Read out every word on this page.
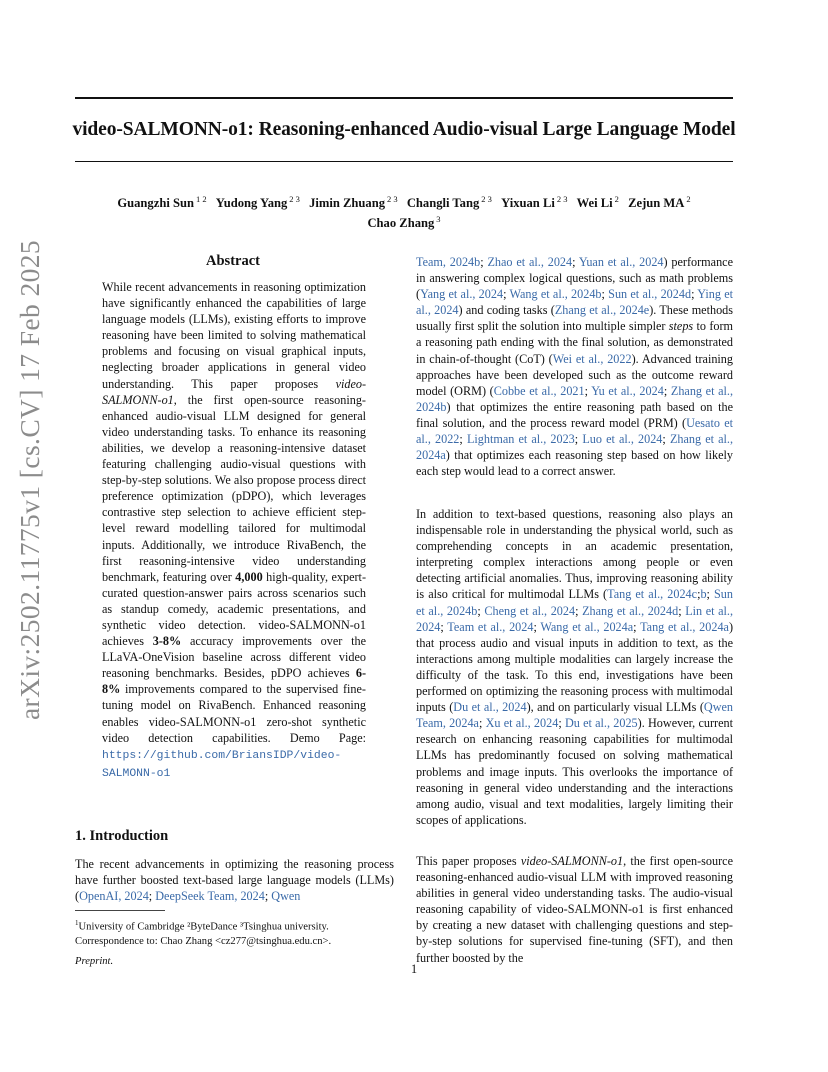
video-SALMONN-o1: Reasoning-enhanced Audio-visual Large Language Model
Guangzhi Sun $^{1 2}$ Yudong Yang $^{2 3}$ Jimin Zhuang $^{2 3}$ Changli Tang $^{2 3}$ Yixuan Li $^{2 3}$ Wei Li $^2$ Zejun MA $^2$
Chao Zhang $^3$
arXiv:2502.11775v1 [cs.CV] 17 Feb 2025	Abstract
While recent advancements in reasoning optimization have significantly enhanced the capabilities of large language models (LLMs), existing efforts to improve reasoning have been limited to solving mathematical problems and focusing on visual graphical inputs, neglecting broader applications in general video understanding. This paper proposes video-SALMONN-o1, the first open-source reasoning-enhanced audio-visual LLM designed for general video understanding tasks. To enhance its reasoning abilities, we develop a reasoning-intensive dataset featuring challenging audio-visual questions with step-by-step solutions. We also propose process direct preference optimization (pDPO), which leverages contrastive step selection to achieve efficient step-level reward modelling tailored for multimodal inputs. Additionally, we introduce RivaBench, the first reasoning-intensive video understanding benchmark, featuring over 4,000 high-quality, expert-curated question-answer pairs across scenarios such as standup comedy, academic presentations, and synthetic video detection. video-SALMONN-o1 achieves 3-8% accuracy improvements over the LLaVA-OneVision baseline across different video reasoning benchmarks. Besides, pDPO achieves 6-8% improvements compared to the supervised fine-tuning model on RivaBench. Enhanced reasoning enables video-SALMONN-o1 zero-shot synthetic video detection capabilities. Demo Page: https://github.com/BriansIDP/video-SALMONN-o1
1. Introduction
The recent advancements in optimizing the reasoning process have further boosted text-based large language models (LLMs) (OpenAI, 2024; DeepSeek Team, 2024; Qwen
$^1$University of Cambridge ²ByteDance ³Tsinghua university. Correspondence to: Chao Zhang <cz277@tsinghua.edu.cn>.
Preprint.
Team, 2024b; Zhao et al., 2024; Yuan et al., 2024) performance in answering complex logical questions, such as math problems (Yang et al., 2024; Wang et al., 2024b; Sun et al., 2024d; Ying et al., 2024) and coding tasks (Zhang et al., 2024e). These methods usually first split the solution into multiple simpler steps to form a reasoning path ending with the final solution, as demonstrated in chain-of-thought (CoT) (Wei et al., 2022). Advanced training approaches have been developed such as the outcome reward model (ORM) (Cobbe et al., 2021; Yu et al., 2024; Zhang et al., 2024b) that optimizes the entire reasoning path based on the final solution, and the process reward model (PRM) (Uesato et al., 2022; Lightman et al., 2023; Luo et al., 2024; Zhang et al., 2024a) that optimizes each reasoning step based on how likely each step would lead to a correct answer.
In addition to text-based questions, reasoning also plays an indispensable role in understanding the physical world, such as comprehending concepts in an academic presentation, interpreting complex interactions among people or even detecting artificial anomalies. Thus, improving reasoning ability is also critical for multimodal LLMs (Tang et al., 2024c;b; Sun et al., 2024b; Cheng et al., 2024; Zhang et al., 2024d; Lin et al., 2024; Team et al., 2024; Wang et al., 2024a; Tang et al., 2024a) that process audio and visual inputs in addition to text, as the interactions among multiple modalities can largely increase the difficulty of the task. To this end, investigations have been performed on optimizing the reasoning process with multimodal inputs (Du et al., 2024), and on particularly visual LLMs (Qwen Team, 2024a; Xu et al., 2024; Du et al., 2025). However, current research on enhancing reasoning capabilities for multimodal LLMs has predominantly focused on solving mathematical problems and image inputs. This overlooks the importance of reasoning in general video understanding and the interactions among audio, visual and text modalities, largely limiting their scopes of applications.
This paper proposes video-SALMONN-o1, the first open-source reasoning-enhanced audio-visual LLM with improved reasoning abilities in general video understanding tasks. The audio-visual reasoning capability of video-SALMONN-o1 is first enhanced by creating a new dataset with challenging questions and step-by-step solutions for supervised fine-tuning (SFT), and then further boosted by the
1
